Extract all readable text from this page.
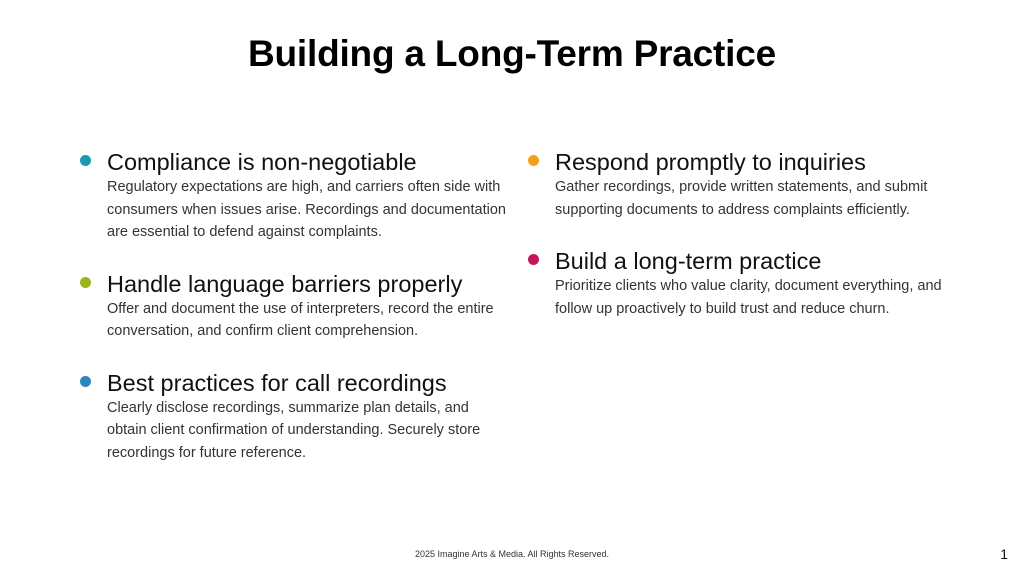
Building a Long-Term Practice
Compliance is non-negotiable
Regulatory expectations are high, and carriers often side with consumers when issues arise. Recordings and documentation are essential to defend against complaints.
Handle language barriers properly
Offer and document the use of interpreters, record the entire conversation, and confirm client comprehension.
Best practices for call recordings
Clearly disclose recordings, summarize plan details, and obtain client confirmation of understanding. Securely store recordings for future reference.
Respond promptly to inquiries
Gather recordings, provide written statements, and submit supporting documents to address complaints efficiently.
Build a long-term practice
Prioritize clients who value clarity, document everything, and follow up proactively to build trust and reduce churn.
2025 Imagine Arts & Media. All Rights Reserved.	1
